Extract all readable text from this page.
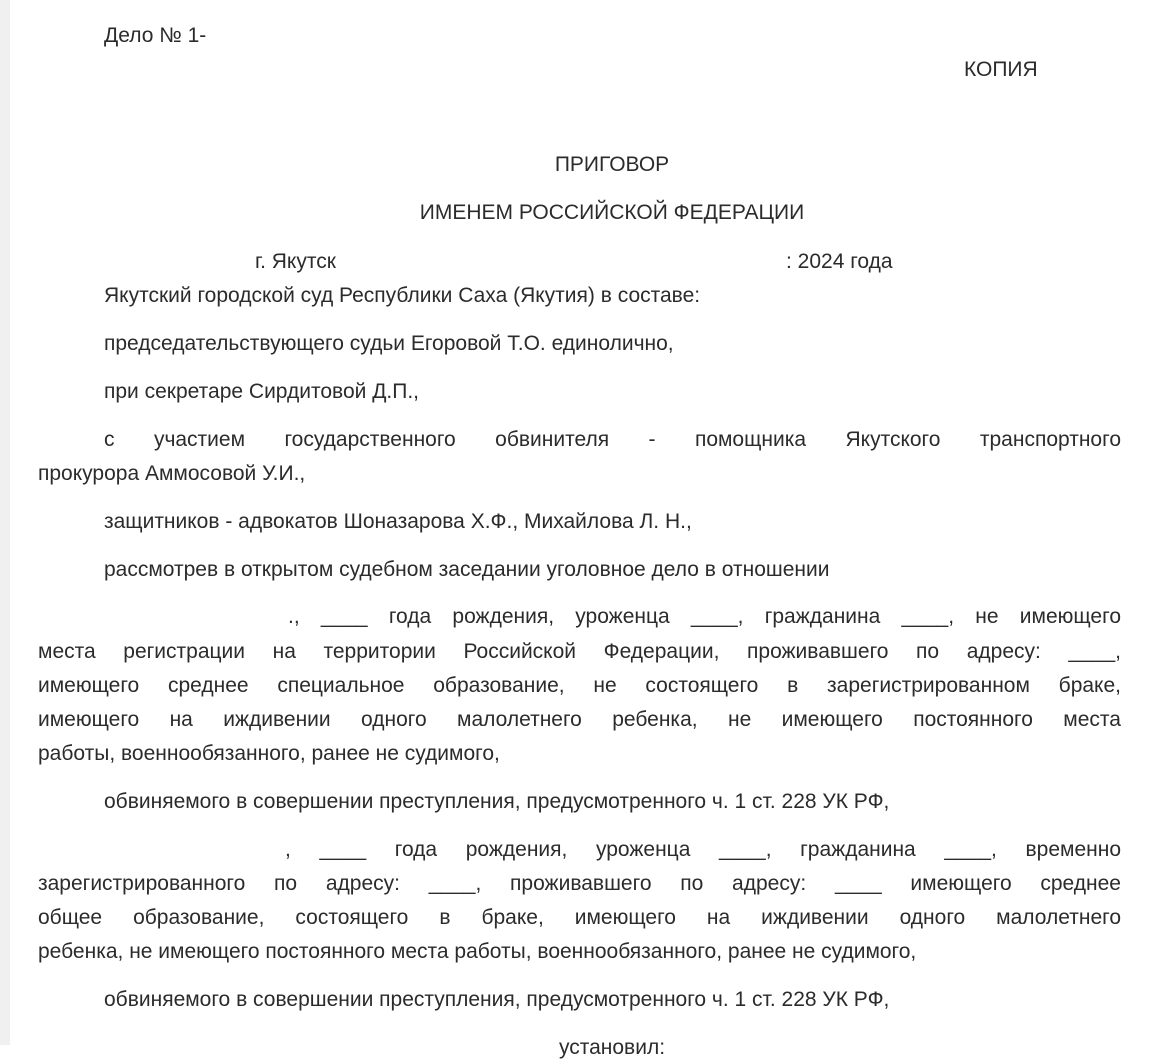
Дело № 1-
КОПИЯ
ПРИГОВОР
ИМЕНЕМ РОССИЙСКОЙ ФЕДЕРАЦИИ
г. Якутск	: 2024 года
Якутский городской суд Республики Саха (Якутия) в составе:
председательствующего судьи Егоровой Т.О. единолично,
при секретаре Сирдитовой Д.П.,
с участием государственного обвинителя - помощника Якутского транспортного
прокурора Аммосовой У.И.,
защитников - адвокатов Шоназарова Х.Ф., Михайлова Л. Н.,
рассмотрев в открытом судебном заседании уголовное дело в отношении
., ____ года рождения, уроженца ____, гражданина ____, не имеющего
места регистрации на территории Российской Федерации, проживавшего по адресу: ____,
имеющего среднее специальное образование, не состоящего в зарегистрированном браке,
имеющего на иждивении одного малолетнего ребенка, не имеющего постоянного места
работы, военнообязанного, ранее не судимого,
обвиняемого в совершении преступления, предусмотренного ч. 1 ст. 228 УК РФ,
, ____ года рождения, уроженца ____, гражданина ____, временно
зарегистрированного по адресу: ____, проживавшего по адресу: ____ имеющего среднее
общее образование, состоящего в браке, имеющего на иждивении одного малолетнего
ребенка, не имеющего постоянного места работы, военнообязанного, ранее не судимого,
обвиняемого в совершении преступления, предусмотренного ч. 1 ст. 228 УК РФ,
установил:
